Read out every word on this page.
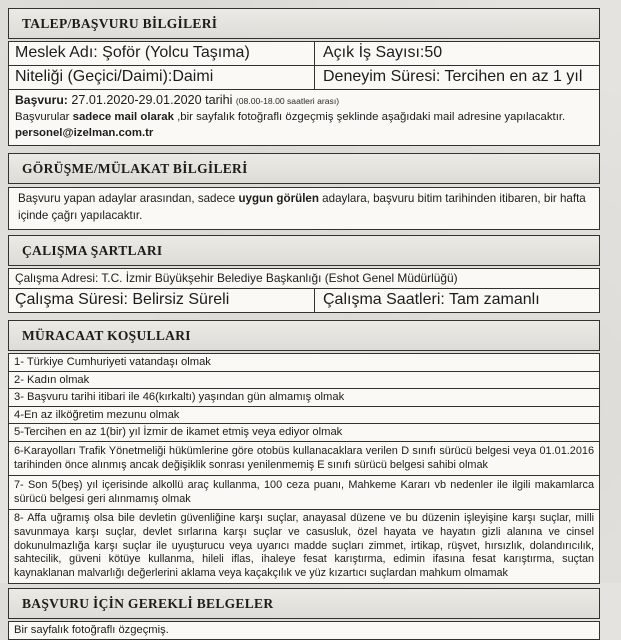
TALEP/BAŞVURU BİLGİLERİ
Meslek Adı: Şoför (Yolcu Taşıma)	Açık İş Sayısı:50
Niteliği (Geçici/Daimi):Daimi	Deneyim Süresi: Tercihen en az 1 yıl
Başvuru: 27.01.2020-29.01.2020 tarihi (08.00-18.00 saatleri arası)
Başvurular sadece mail olarak ,bir sayfalık fotoğraflı özgeçmiş şeklinde aşağıdaki mail adresine yapılacaktır.
personel@izelman.com.tr
GÖRÜŞME/MÜLAKAT BİLGİLERİ
Başvuru yapan adaylar arasından, sadece uygun görülen adaylara, başvuru bitim tarihinden itibaren, bir hafta içinde çağrı yapılacaktır.
ÇALIŞMA ŞARTLARI
Çalışma Adresi: T.C. İzmir Büyükşehir Belediye Başkanlığı (Eshot Genel Müdürlüğü)
Çalışma Süresi: Belirsiz Süreli	Çalışma Saatleri: Tam zamanlı
MÜRACAAT KOŞULLARI
1- Türkiye Cumhuriyeti vatandaşı olmak
2- Kadın olmak
3- Başvuru tarihi itibari ile 46(kırkaltı) yaşından gün almamış olmak
4-En az ilköğretim mezunu olmak
5-Tercihen en az 1(bir) yıl İzmir de ikamet etmiş veya ediyor olmak
6-Karayolları Trafik Yönetmeliği hükümlerine göre otobüs kullanacaklara verilen D sınıfı sürücü belgesi veya 01.01.2016 tarihinden önce alınmış ancak değişiklik sonrası yenilenmemiş E sınıfı sürücü belgesi sahibi olmak
7- Son 5(beş) yıl içerisinde alkollü araç kullanma, 100 ceza puanı, Mahkeme Kararı vb nedenler ile ilgili makamlarca sürücü belgesi geri alınmamış olmak
8- Affa uğramış olsa bile devletin güvenliğine karşı suçlar, anayasal düzene ve bu düzenin işleyişine karşı suçlar, milli savunmaya karşı suçlar, devlet sırlarına karşı suçlar ve casusluk, özel hayata ve hayatın gizli alanına ve cinsel dokunulmazlığa karşı suçlar ile uyuşturucu veya uyarıcı madde suçları zimmet, irtikap, rüşvet, hırsızlık, dolandırıcılık, sahtecilik, güveni kötüye kullanma, hileli iflas, ihaleye fesat karıştırma, edimin ifasına fesat karıştırma, suçtan kaynaklanan malvarlığı değerlerini aklama veya kaçakçılık ve yüz kızartıcı suçlardan mahkum olmamak
BAŞVURU İÇİN GEREKLİ BELGELER
Bir sayfalık fotoğraflı özgeçmiş.
